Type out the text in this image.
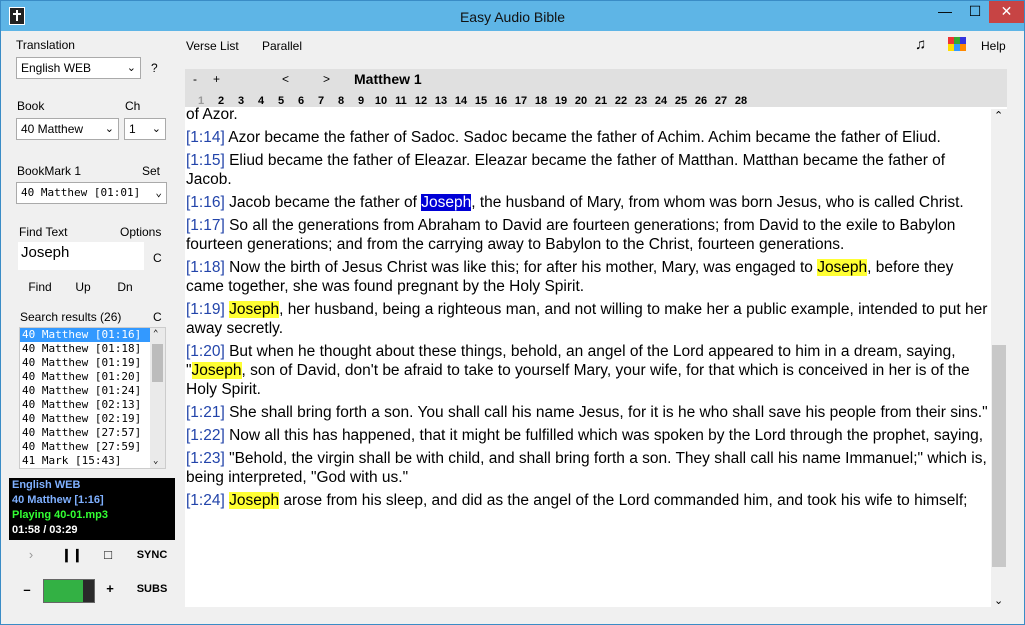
Easy Audio Bible	—	☐	✕
Translation
English WEB	⌄ ?
Book	Ch
40 Matthew ⌄	1 ⌄
BookMark 1	Set
40 Matthew [01:01] ⌄
Find Text	Options
Joseph	C
Find	Up	Dn
Search results (26)	C
40 Matthew [01:16]
40 Matthew [01:18]
40 Matthew [01:19]
40 Matthew [01:20]
40 Matthew [01:24]
40 Matthew [02:13]
40 Matthew [02:19]
40 Matthew [27:57]
40 Matthew [27:59]
41 Mark [15:43]
⌃
⌄
English WEB
40 Matthew [1:16]
Playing 40-01.mp3
01:58 / 03:29
›	❙❙	□	SYNC
–	+	SUBS
Verse List Parallel	♫	Help
- +	<	> Matthew 1
1 2 3 4 5 6 7 8 9 10 11 12 13 14 15 16 17 18 19 20 21 22 23 24 25 26 27 28
of Azor.
[1:14] Azor became the father of Sadoc. Sadoc became the father of Achim. Achim became the father of Eliud.
[1:15] Eliud became the father of Eleazar. Eleazar became the father of Matthan. Matthan became the father of Jacob.
[1:16] Jacob became the father of Joseph, the husband of Mary, from whom was born Jesus, who is called Christ.
[1:17] So all the generations from Abraham to David are fourteen generations; from David to the exile to Babylon fourteen generations; and from the carrying away to Babylon to the Christ, fourteen generations.
[1:18] Now the birth of Jesus Christ was like this; for after his mother, Mary, was engaged to Joseph, before they came together, she was found pregnant by the Holy Spirit.
[1:19] Joseph, her husband, being a righteous man, and not willing to make her a public example, intended to put her away secretly.
[1:20] But when he thought about these things, behold, an angel of the Lord appeared to him in a dream, saying, "Joseph, son of David, don't be afraid to take to yourself Mary, your wife, for that which is conceived in her is of the Holy Spirit.
[1:21] She shall bring forth a son. You shall call his name Jesus, for it is he who shall save his people from their sins."
[1:22] Now all this has happened, that it might be fulfilled which was spoken by the Lord through the prophet, saying,
[1:23] "Behold, the virgin shall be with child, and shall bring forth a son. They shall call his name Immanuel;" which is, being interpreted, "God with us."
[1:24] Joseph arose from his sleep, and did as the angel of the Lord commanded him, and took his wife to himself;
⌃
⌄
